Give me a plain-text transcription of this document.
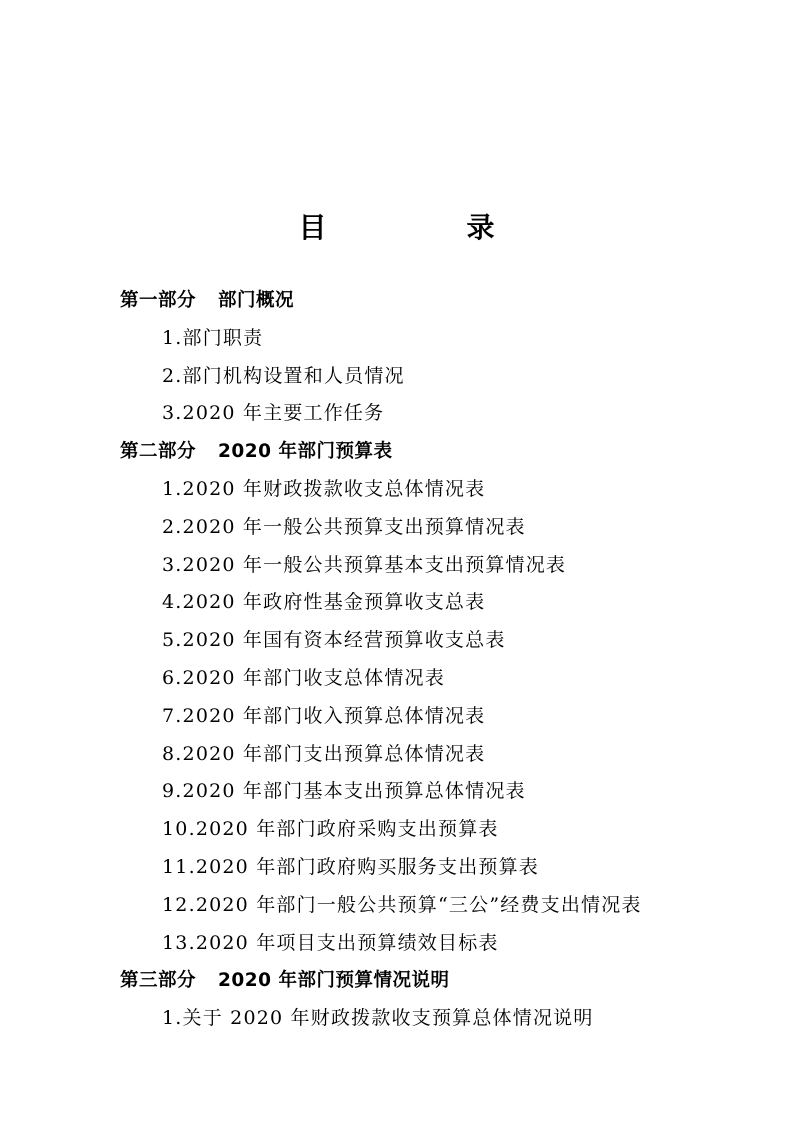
目　录
第一部分 部门概况
1.部门职责
2.部门机构设置和人员情况
3.2020 年主要工作任务
第二部分 2020 年部门预算表
1.2020 年财政拨款收支总体情况表
2.2020 年一般公共预算支出预算情况表
3.2020 年一般公共预算基本支出预算情况表
4.2020 年政府性基金预算收支总表
5.2020 年国有资本经营预算收支总表
6.2020 年部门收支总体情况表
7.2020 年部门收入预算总体情况表
8.2020 年部门支出预算总体情况表
9.2020 年部门基本支出预算总体情况表
10.2020 年部门政府采购支出预算表
11.2020 年部门政府购买服务支出预算表
12.2020 年部门一般公共预算“三公”经费支出情况表
13.2020 年项目支出预算绩效目标表
第三部分 2020 年部门预算情况说明
1.关于 2020 年财政拨款收支预算总体情况说明
